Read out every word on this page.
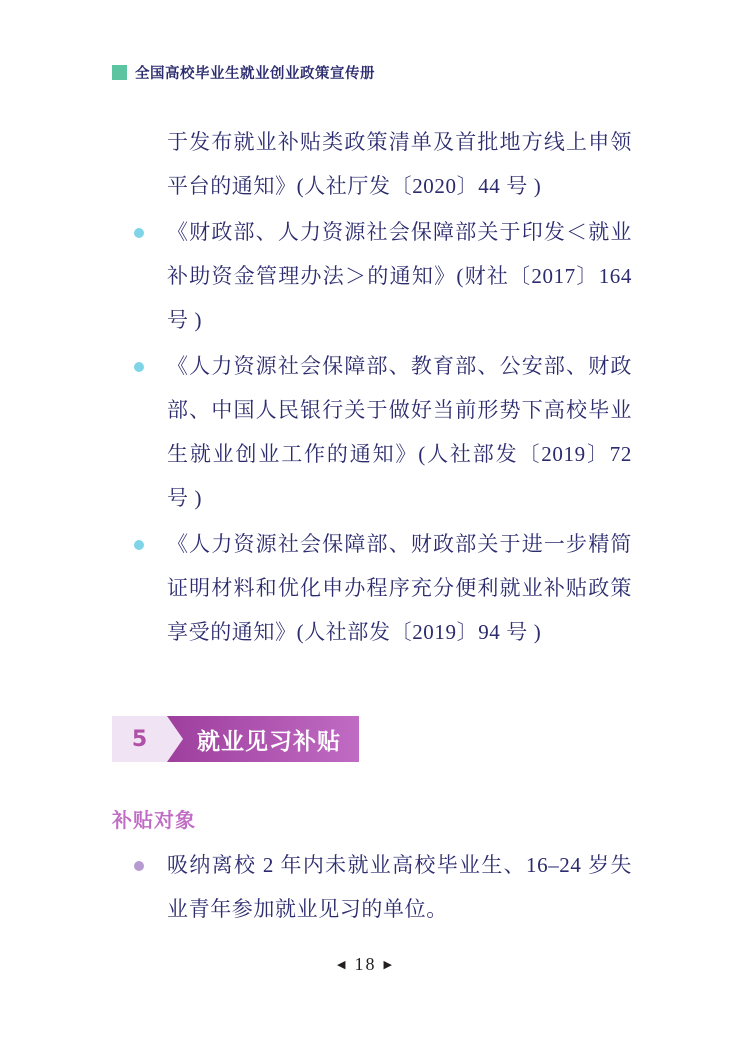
全国高校毕业生就业创业政策宣传册
于发布就业补贴类政策清单及首批地方线上申领平台的通知》(人社厅发〔2020〕44 号 )
《财政部、人力资源社会保障部关于印发＜就业补助资金管理办法＞的通知》(财社〔2017〕164号 )
《人力资源社会保障部、教育部、公安部、财政部、中国人民银行关于做好当前形势下高校毕业生就业创业工作的通知》(人社部发〔2019〕72 号 )
《人力资源社会保障部、财政部关于进一步精简证明材料和优化申办程序充分便利就业补贴政策享受的通知》(人社部发〔2019〕94 号 )
就业见习补贴
5
补贴对象
吸纳离校 2 年内未就业高校毕业生、16–24 岁失业青年参加就业见习的单位。
◀ 18 ▶
